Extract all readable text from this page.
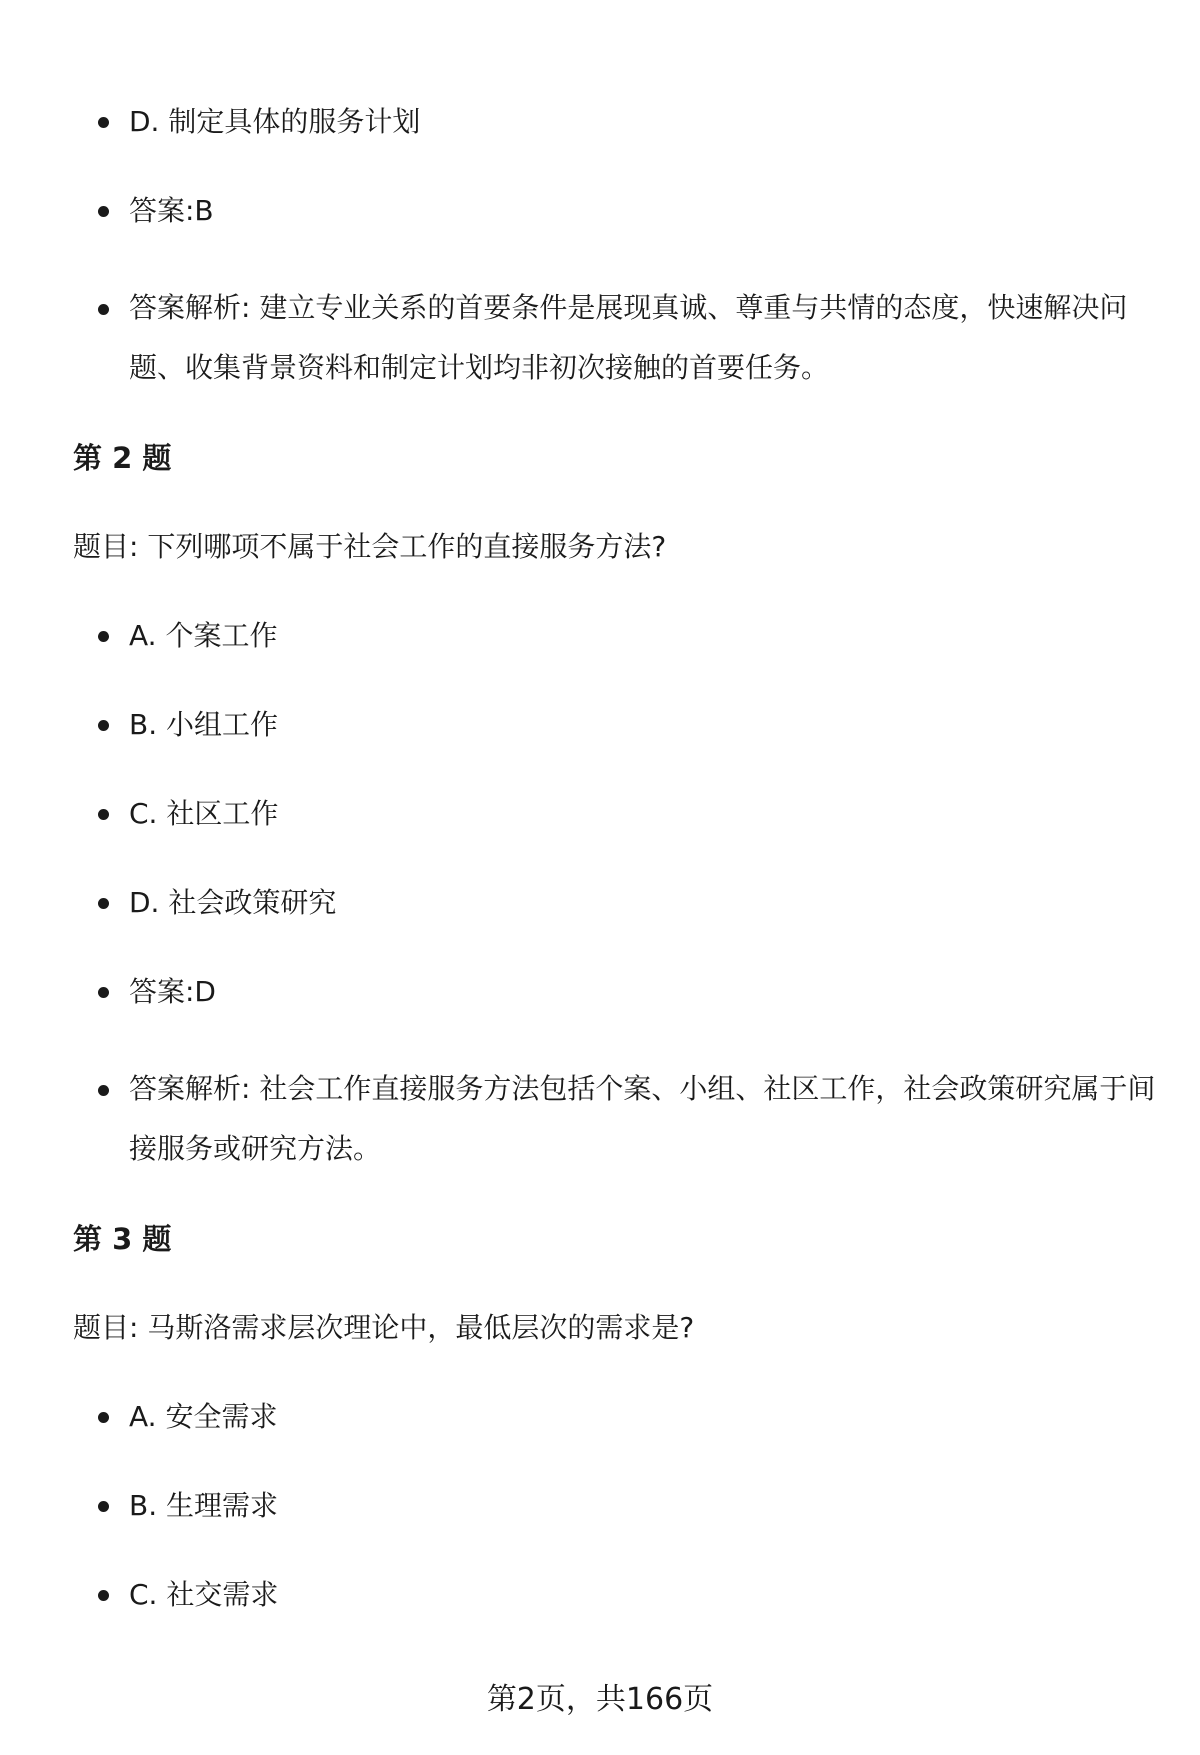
D. 制定具体的服务计划
答案:B
答案解析: 建立专业关系的首要条件是展现真诚、尊重与共情的态度，快速解决问题、收集背景资料和制定计划均非初次接触的首要任务。
第 2 题
题目: 下列哪项不属于社会工作的直接服务方法?
A. 个案工作
B. 小组工作
C. 社区工作
D. 社会政策研究
答案:D
答案解析: 社会工作直接服务方法包括个案、小组、社区工作，社会政策研究属于间接服务或研究方法。
第 3 题
题目: 马斯洛需求层次理论中，最低层次的需求是?
A. 安全需求
B. 生理需求
C. 社交需求
第2页，共166页
